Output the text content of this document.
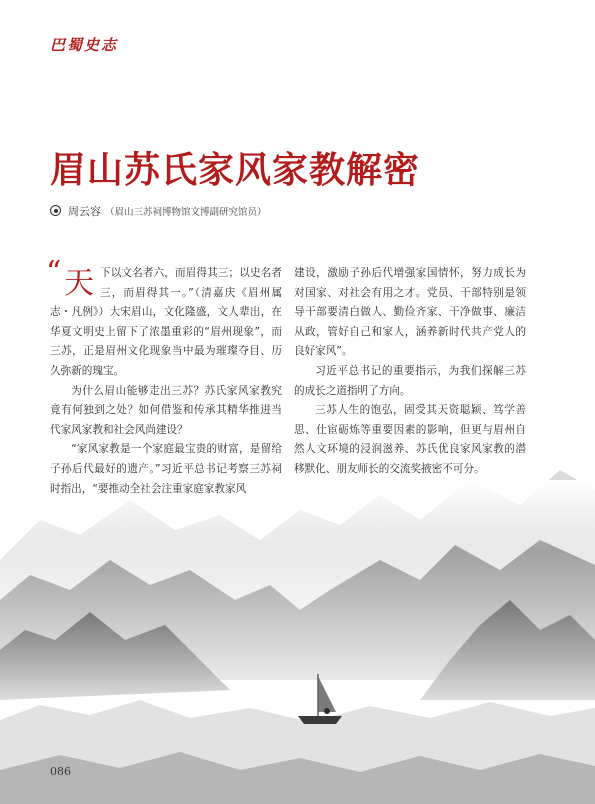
巴蜀史志
眉山苏氏家风家教解密
周云容 （眉山三苏祠博物馆文博副研究馆员）
“ 天 下以文名者六，而眉得其三；以史名者三，而眉得其一。”（清嘉庆《眉州属志・凡例》）大宋眉山，文化隆盛，文人辈出，在华夏文明史上留下了浓墨重彩的“眉州现象”，而三苏，正是眉州文化现象当中最为璀璨夺目、历久弥新的瑰宝。

为什么眉山能够走出三苏？苏氏家风家教究竟有何独到之处？如何借鉴和传承其精华推进当代家风家教和社会风尚建设？

“家风家教是一个家庭最宝贵的财富，是留给子孙后代最好的遗产。”习近平总书记考察三苏祠时指出，“要推动全社会注重家庭家教家风

建设，激励子孙后代增强家国情怀，努力成长为对国家、对社会有用之才。党员、干部特别是领导干部要清白做人、勤俭齐家、干净做事、廉洁从政，管好自己和家人，涵养新时代共产党人的良好家风”。

习近平总书记的重要指示，为我们探解三苏的成长之道指明了方向。

三苏人生的饱弘，固受其天资聪颖、笃学善思、仕宦砺炼等重要因素的影响，但更与眉州自然人文环境的浸润滋养、苏氏优良家风家教的潜移默化、朋友师长的交流奖掖密不可分。

086
